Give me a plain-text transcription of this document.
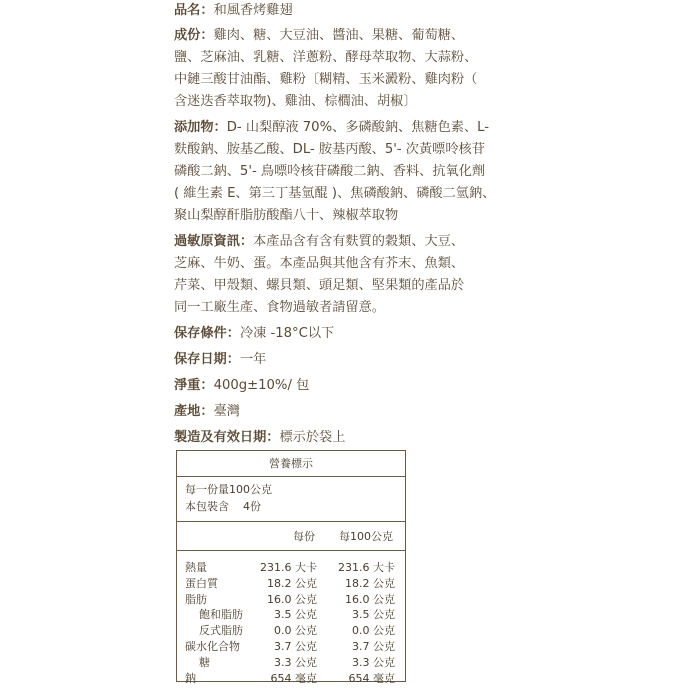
品名：和風香烤雞翅
成份：雞肉、糖、大豆油、醬油、果糖、葡萄糖、
鹽、芝麻油、乳糖、洋蔥粉、酵母萃取物、大蒜粉、
中鏈三酸甘油酯、雞粉〔糊精、玉米澱粉、雞肉粉（
含迷迭香萃取物)、雞油、棕櫚油、胡椒〕
添加物：D- 山梨醇液 70%、多磷酸鈉、焦糖色素、L-
麩酸鈉、胺基乙酸、DL- 胺基丙酸、5'- 次黃嘌呤核苷
磷酸二鈉、5'- 鳥嘌呤核苷磷酸二鈉、香料、抗氧化劑
( 維生素 E、第三丁基氫醌 )、焦磷酸鈉、磷酸二氫鈉、
聚山梨醇酐脂肪酸酯八十、辣椒萃取物
過敏原資訊：本產品含有含有麩質的穀類、大豆、
芝麻、牛奶、蛋。本產品與其他含有芥末、魚類、
芹菜、甲殼類、螺貝類、頭足類、堅果類的產品於
同一工廠生產、食物過敏者請留意。
保存條件：冷凍 -18°C以下
保存日期：一年
淨重：400g±10%/ 包
產地：臺灣
製造及有效日期：標示於袋上
營養標示
每一份量100公克
本包裝含 4份
每份 每100公克
熱量	231.6 大卡 231.6 大卡
蛋白質	18.2 公克	18.2 公克
脂肪	16.0 公克	16.0 公克
飽和脂肪	3.5 公克	3.5 公克
反式脂肪	0.0 公克	0.0 公克
碳水化合物	3.7 公克	3.7 公克
糖	3.3 公克	3.3 公克
鈉	654 毫克	654 毫克
